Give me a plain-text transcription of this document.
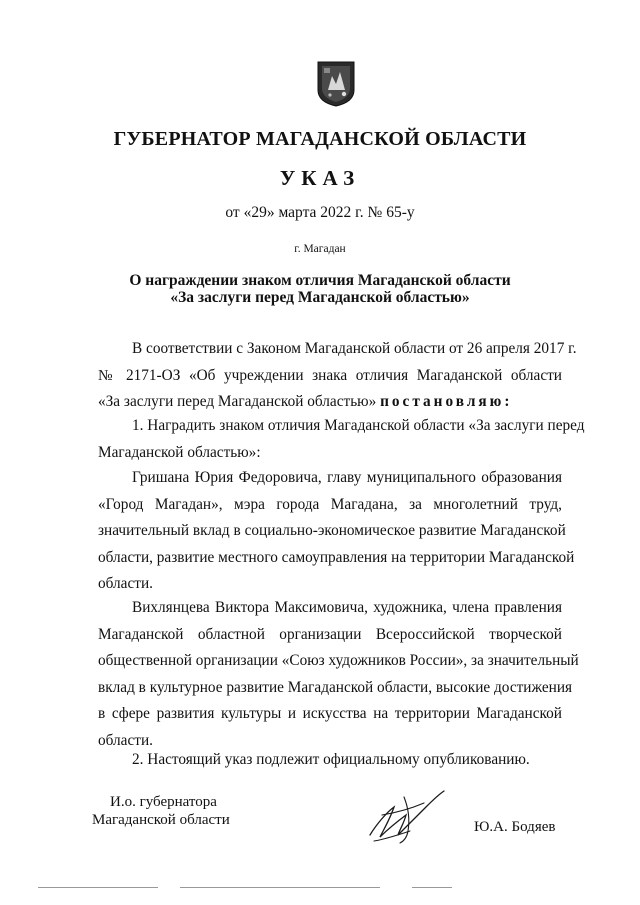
ГУБЕРНАТОР МАГАДАНСКОЙ ОБЛАСТИ
УКАЗ
от «29» марта 2022 г. № 65-у
г. Магадан
О награждении знаком отличия Магаданской области
«За заслуги перед Магаданской областью»
В соответствии с Законом Магаданской области от 26 апреля 2017 г.
№ 2171-ОЗ «Об учреждении знака отличия Магаданской области
«За заслуги перед Магаданской областью» постановляю:
1. Наградить знаком отличия Магаданской области «За заслуги перед
Магаданской областью»:
Гришана Юрия Федоровича, главу муниципального образования
«Город Магадан», мэра города Магадана, за многолетний труд,
значительный вклад в социально-экономическое развитие Магаданской
области, развитие местного самоуправления на территории Магаданской
области.
Вихлянцева Виктора Максимовича, художника, члена правления
Магаданской областной организации Всероссийской творческой
общественной организации «Союз художников России», за значительный
вклад в культурное развитие Магаданской области, высокие достижения
в сфере развития культуры и искусства на территории Магаданской
области.
2. Настоящий указ подлежит официальному опубликованию.
И.о. губернатора
Магаданской области	Ю.А. Бодяев
